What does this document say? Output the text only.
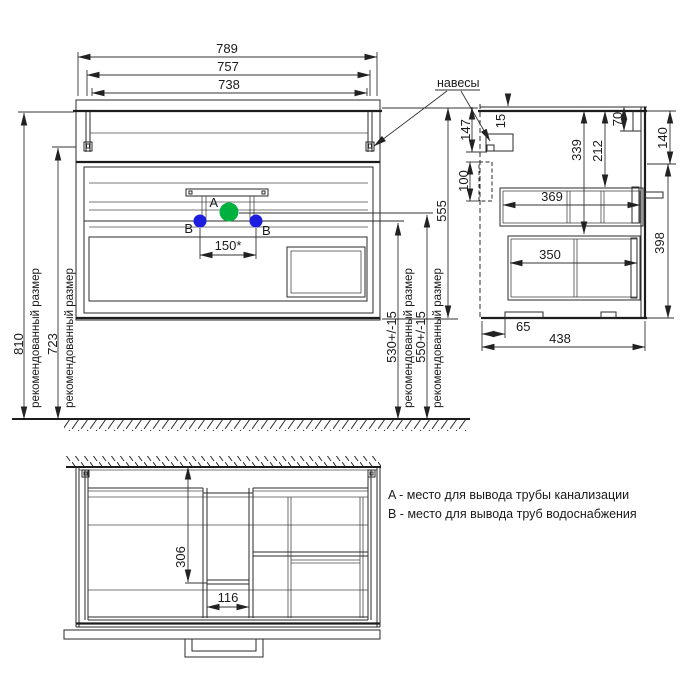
A
B	B
150*
789
757
738
810 рекомендованный размер 723 рекомендованный размер	530+/-15 рекомендованный размер
550+/-15 рекомендованный размер
555
навесы
15
147
100
70
339 212
140
398
369
350
65
438
306
116
A - место для вывода трубы канализации
B - место для вывода труб водоснабжения
